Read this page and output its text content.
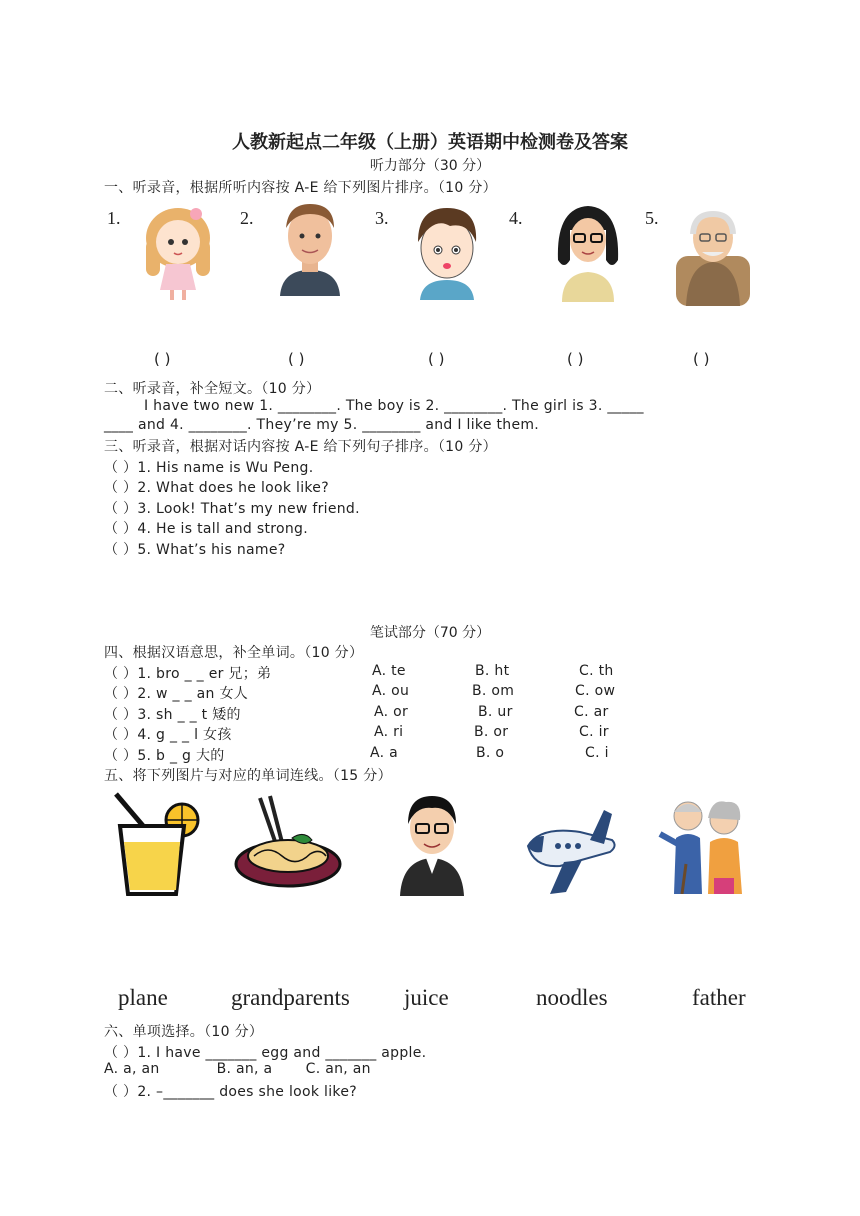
人教新起点二年级（上册）英语期中检测卷及答案
听力部分（30 分）
一、听录音，根据所听内容按 A-E 给下列图片排序。（10 分）
1.	2.	3.	4.	5.
( )	( )	( )	( )	( )
二、听录音，补全短文。（10 分）
I have two new 1. ________. The boy is 2. ________. The girl is 3. _____
____ and 4. ________. They’re my 5. ________ and I like them.
三、听录音，根据对话内容按 A-E 给下列句子排序。（10 分）
（ ）1. His name is Wu Peng.
（ ）2. What does he look like?
（ ）3. Look! That’s my new friend.
（ ）4. He is tall and strong.
（ ）5. What’s his name?
笔试部分（70 分）
四、根据汉语意思，补全单词。（10 分）
（ ）1. bro _ _ er 兄；弟	A. te	B. ht	C. th
（ ）2. w _ _ an 女人	A. ou	B. om	C. ow
（ ）3. sh _ _ t 矮的	A. or	B. ur	C. ar
（ ）4. g _ _ l 女孩	A. ri	B. or	C. ir
（ ）5. b _ g 大的	A. a	B. o	C. i
五、将下列图片与对应的单词连线。（15 分）
plane	grandparents juice	noodles	father
六、单项选择。（10 分）
（ ）1. I have _______ egg and _______ apple.
A. a, an            B. an, a       C. an, an
（ ）2. –_______ does she look like?
